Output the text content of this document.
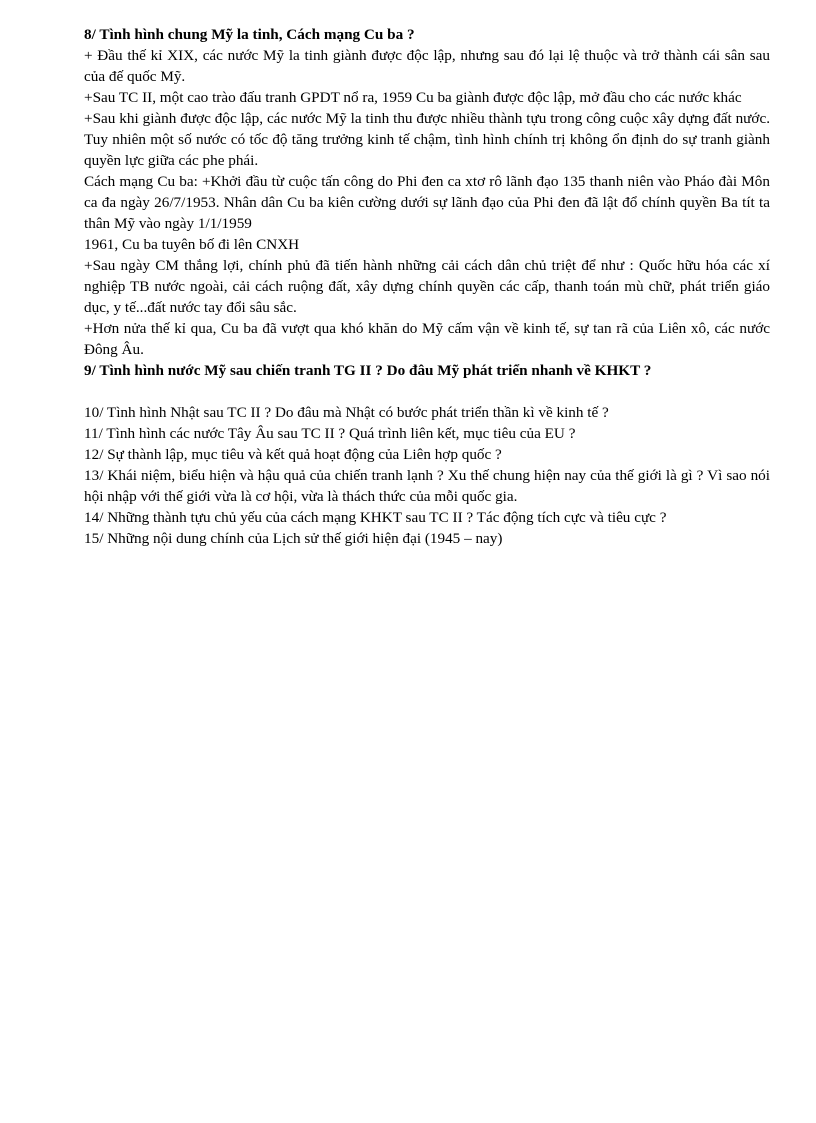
8/ Tình hình chung Mỹ la tinh, Cách mạng Cu ba ?

+ Đầu thế kỉ XIX, các nước Mỹ la tinh giành được độc lập, nhưng sau đó lại lệ thuộc và trở thành cái sân sau của đế quốc Mỹ.

+Sau TC II, một cao trào đấu tranh GPDT nổ ra, 1959 Cu ba giành được độc lập, mở đầu cho các nước khác

+Sau khi giành được độc lập, các nước Mỹ la tinh thu được nhiều thành tựu trong công cuộc xây dựng đất nước. Tuy nhiên một số nước có tốc độ tăng trưởng kinh tế chậm, tình hình chính trị không ổn định do sự tranh giành quyền lực giữa các phe phái.

Cách mạng Cu ba: +Khởi đầu từ cuộc tấn công do Phi đen ca xtơ rô lãnh đạo 135 thanh niên vào Pháo đài Môn ca đa ngày 26/7/1953. Nhân dân Cu ba kiên cường dưới sự lãnh đạo của Phi đen đã lật đổ chính quyền Ba tít ta thân Mỹ vào ngày 1/1/1959

1961, Cu ba tuyên bố đi lên CNXH

+Sau ngày CM thắng lợi, chính phủ đã tiến hành những cải cách dân chủ triệt để như : Quốc hữu hóa các xí nghiệp TB nước ngoài, cải cách ruộng đất, xây dựng chính quyền các cấp, thanh toán mù chữ, phát triển giáo dục, y tế...đất nước tay đổi sâu sắc.

+Hơn nửa thế kỉ qua, Cu ba đã vượt qua khó khăn do Mỹ cấm vận về kinh tế, sự tan rã của Liên xô, các nước Đông Âu.

9/ Tình hình nước Mỹ sau chiến tranh TG II ? Do đâu Mỹ phát triển nhanh về KHKT ?

10/ Tình hình Nhật sau TC II ? Do đâu mà Nhật có bước phát triển thần kì về kinh tế ?

11/ Tình hình các nước Tây Âu sau TC II ? Quá trình liên kết, mục tiêu của EU ?

12/ Sự thành lập, mục tiêu và kết quả hoạt động của Liên hợp quốc ?

13/ Khái niệm, biểu hiện và hậu quả của chiến tranh lạnh ? Xu thế chung hiện nay của thế giới là gì ? Vì sao nói hội nhập với thế giới vừa là cơ hội, vừa là thách thức của mỗi quốc gia.

14/ Những thành tựu chủ yếu của cách mạng KHKT sau TC II ? Tác động tích cực và tiêu cực ?

15/ Những nội dung chính của Lịch sử thế giới hiện đại (1945 – nay)
